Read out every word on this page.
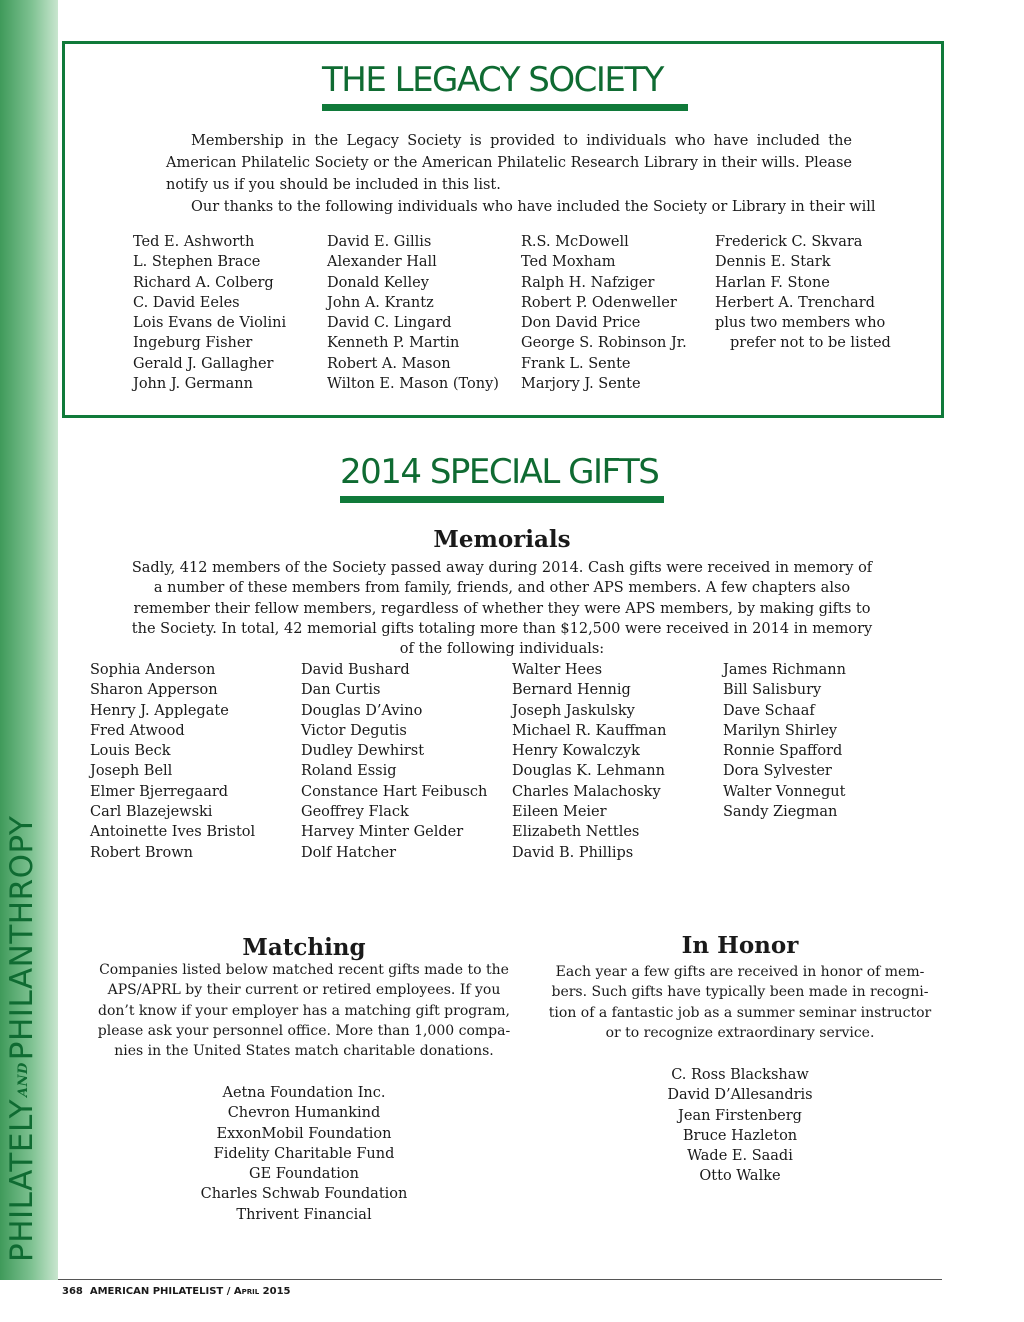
PHILATELYANDPHILANTHROPY
THE LEGACY SOCIETY

Membership in the Legacy Society is provided to individuals who have included the American Philatelic Society or the American Philatelic Research Library in their wills. Please notify us if you should be included in this list.

Our thanks to the following individuals who have included the Society or Library in their will

Ted E. Ashworth
L. Stephen Brace
Richard A. Colberg
C. David Eeles
Lois Evans de Violini
Ingeburg Fisher
Gerald J. Gallagher
John J. Germann
David E. Gillis
Alexander Hall
Donald Kelley
John A. Krantz
David C. Lingard
Kenneth P. Martin
Robert A. Mason
Wilton E. Mason (Tony)
R.S. McDowell
Ted Moxham
Ralph H. Nafziger
Robert P. Odenweller
Don David Price
George S. Robinson Jr.
Frank L. Sente
Marjory J. Sente
Frederick C. Skvara
Dennis E. Stark
Harlan F. Stone
Herbert A. Trenchard
plus two members who
prefer not to be listed
2014 SPECIAL GIFTS
Memorials
Sadly, 412 members of the Society passed away during 2014. Cash gifts were received in memory of a number of these members from family, friends, and other APS members. A few chapters also remember their fellow members, regardless of whether they were APS members, by making gifts to the Society. In total, 42 memorial gifts totaling more than $12,500 were received in 2014 in memory of the following individuals:
Sophia Anderson
Sharon Apperson
Henry J. Applegate
Fred Atwood
Louis Beck
Joseph Bell
Elmer Bjerregaard
Carl Blazejewski
Antoinette Ives Bristol
Robert Brown
David Bushard
Dan Curtis
Douglas D’Avino
Victor Degutis
Dudley Dewhirst
Roland Essig
Constance Hart Feibusch
Geoffrey Flack
Harvey Minter Gelder
Dolf Hatcher
Walter Hees
Bernard Hennig
Joseph Jaskulsky
Michael R. Kauffman
Henry Kowalczyk
Douglas K. Lehmann
Charles Malachosky
Eileen Meier
Elizabeth Nettles
David B. Phillips
James Richmann
Bill Salisbury
Dave Schaaf
Marilyn Shirley
Ronnie Spafford
Dora Sylvester
Walter Vonnegut
Sandy Ziegman
Matching
Companies listed below matched recent gifts made to the
APS/APRL by their current or retired employees. If you
don’t know if your employer has a matching gift program,
please ask your personnel office. More than 1,000 compa-
nies in the United States match charitable donations.
Aetna Foundation Inc.
Chevron Humankind
ExxonMobil Foundation
Fidelity Charitable Fund
GE Foundation
Charles Schwab Foundation
Thrivent Financial
In Honor
Each year a few gifts are received in honor of mem-
bers. Such gifts have typically been made in recogni-
tion of a fantastic job as a summer seminar instructor
or to recognize extraordinary service.
C. Ross Blackshaw
David D’Allesandris
Jean Firstenberg
Bruce Hazleton
Wade E. Saadi
Otto Walke
368 AMERICAN PHILATELIST / April 2015
